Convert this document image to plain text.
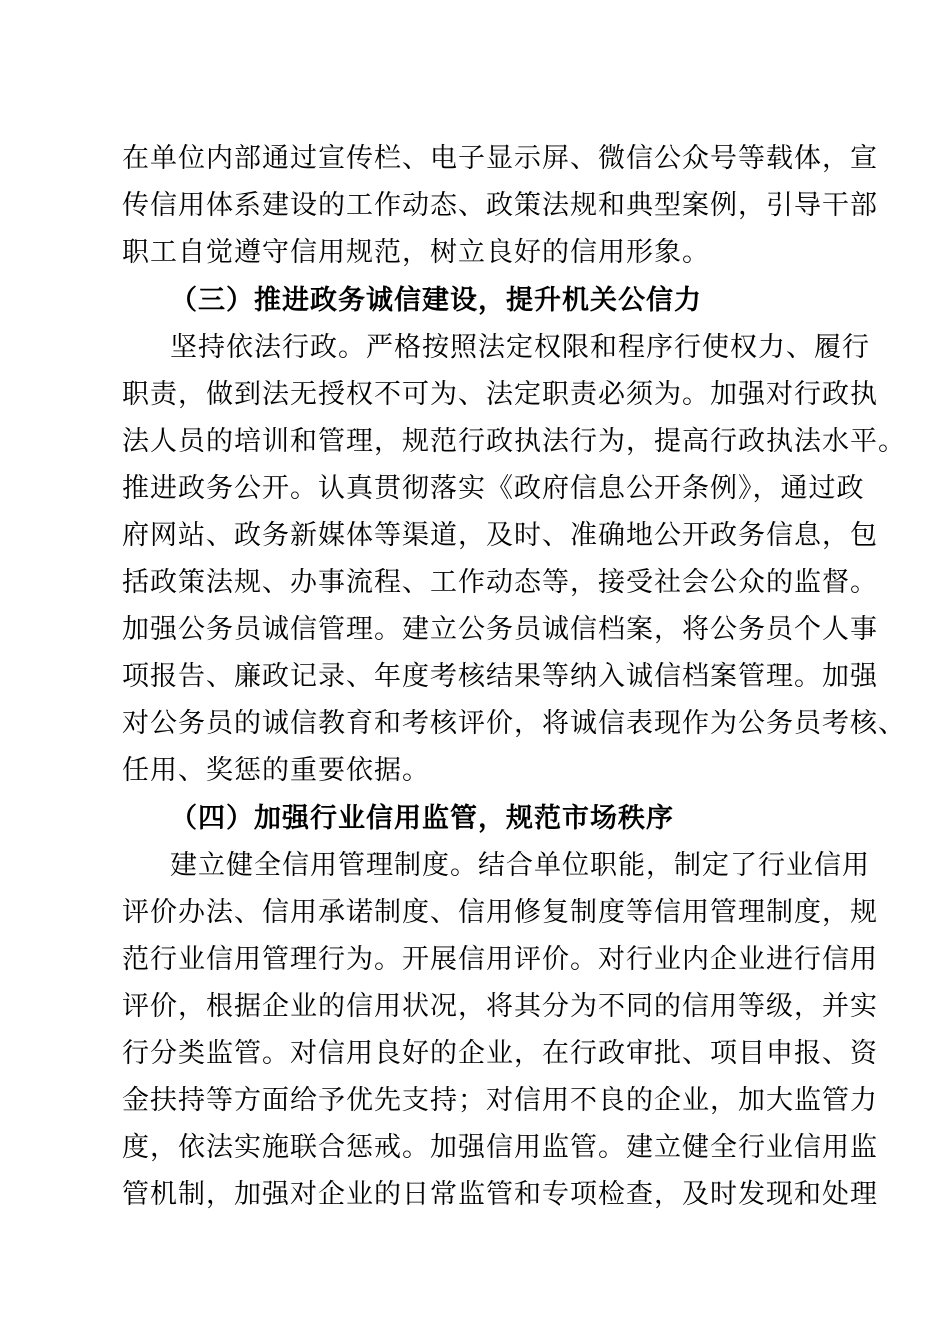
在单位内部通过宣传栏、电子显示屏、微信公众号等载体，宣
传信用体系建设的工作动态、政策法规和典型案例，引导干部
职工自觉遵守信用规范，树立良好的信用形象。
（三）推进政务诚信建设，提升机关公信力
坚持依法行政。严格按照法定权限和程序行使权力、履行
职责，做到法无授权不可为、法定职责必须为。加强对行政执
法人员的培训和管理，规范行政执法行为，提高行政执法水平。
推进政务公开。认真贯彻落实《政府信息公开条例》，通过政
府网站、政务新媒体等渠道，及时、准确地公开政务信息，包
括政策法规、办事流程、工作动态等，接受社会公众的监督。
加强公务员诚信管理。建立公务员诚信档案，将公务员个人事
项报告、廉政记录、年度考核结果等纳入诚信档案管理。加强
对公务员的诚信教育和考核评价，将诚信表现作为公务员考核、
任用、奖惩的重要依据。
（四）加强行业信用监管，规范市场秩序
建立健全信用管理制度。结合单位职能，制定了行业信用
评价办法、信用承诺制度、信用修复制度等信用管理制度，规
范行业信用管理行为。开展信用评价。对行业内企业进行信用
评价，根据企业的信用状况，将其分为不同的信用等级，并实
行分类监管。对信用良好的企业，在行政审批、项目申报、资
金扶持等方面给予优先支持；对信用不良的企业，加大监管力
度，依法实施联合惩戒。加强信用监管。建立健全行业信用监
管机制，加强对企业的日常监管和专项检查，及时发现和处理
